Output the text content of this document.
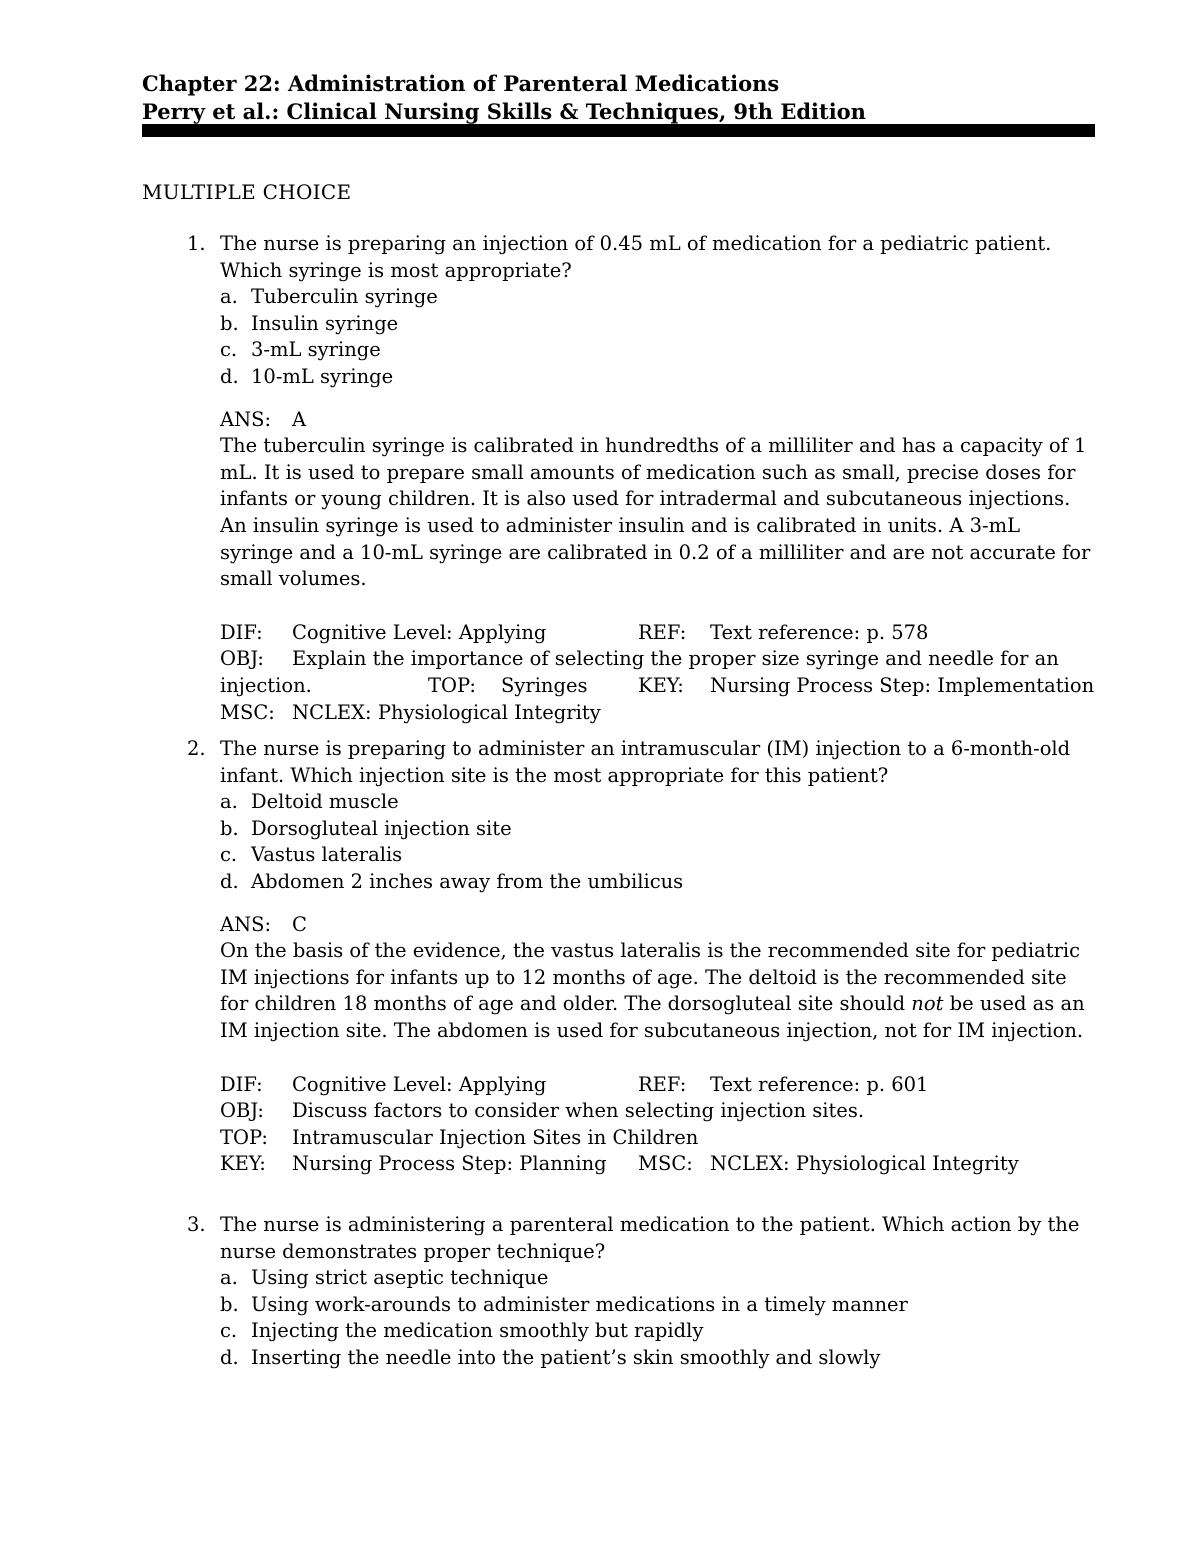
Chapter 22: Administration of Parenteral Medications
Perry et al.: Clinical Nursing Skills & Techniques, 9th Edition
MULTIPLE CHOICE
1. The nurse is preparing an injection of 0.45 mL of medication for a pediatric patient. Which syringe is most appropriate?

a. Tuberculin syringe
b. Insulin syringe
c. 3-mL syringe
d. 10-mL syringe
ANS: A

The tuberculin syringe is calibrated in hundredths of a milliliter and has a capacity of 1 mL. It is used to prepare small amounts of medication such as small, precise doses for infants or young children. It is also used for intradermal and subcutaneous injections. An insulin syringe is used to administer insulin and is calibrated in units. A 3-mL syringe and a 10-mL syringe are calibrated in 0.2 of a milliliter and are not accurate for small volumes.

DIF: Cognitive Level: Applying	REF: Text reference: p. 578
OBJ: Explain the importance of selecting the proper size syringe and needle for an
injection.	TOP: Syringes	KEY: Nursing Process Step: Implementation
MSC: NCLEX: Physiological Integrity
2. The nurse is preparing to administer an intramuscular (IM) injection to a 6-month-old infant. Which injection site is the most appropriate for this patient?

a. Deltoid muscle
b. Dorsogluteal injection site
c. Vastus lateralis
d. Abdomen 2 inches away from the umbilicus
ANS: C

On the basis of the evidence, the vastus lateralis is the recommended site for pediatric IM injections for infants up to 12 months of age. The deltoid is the recommended site for children 18 months of age and older. The dorsogluteal site should not be used as an IM injection site. The abdomen is used for subcutaneous injection, not for IM injection.

DIF: Cognitive Level: Applying	REF: Text reference: p. 601
OBJ: Discuss factors to consider when selecting injection sites.
TOP: Intramuscular Injection Sites in Children
KEY: Nursing Process Step: Planning MSC: NCLEX: Physiological Integrity
3. The nurse is administering a parenteral medication to the patient. Which action by the nurse demonstrates proper technique?

a. Using strict aseptic technique
b. Using work-arounds to administer medications in a timely manner
c. Injecting the medication smoothly but rapidly
d. Inserting the needle into the patient’s skin smoothly and slowly
